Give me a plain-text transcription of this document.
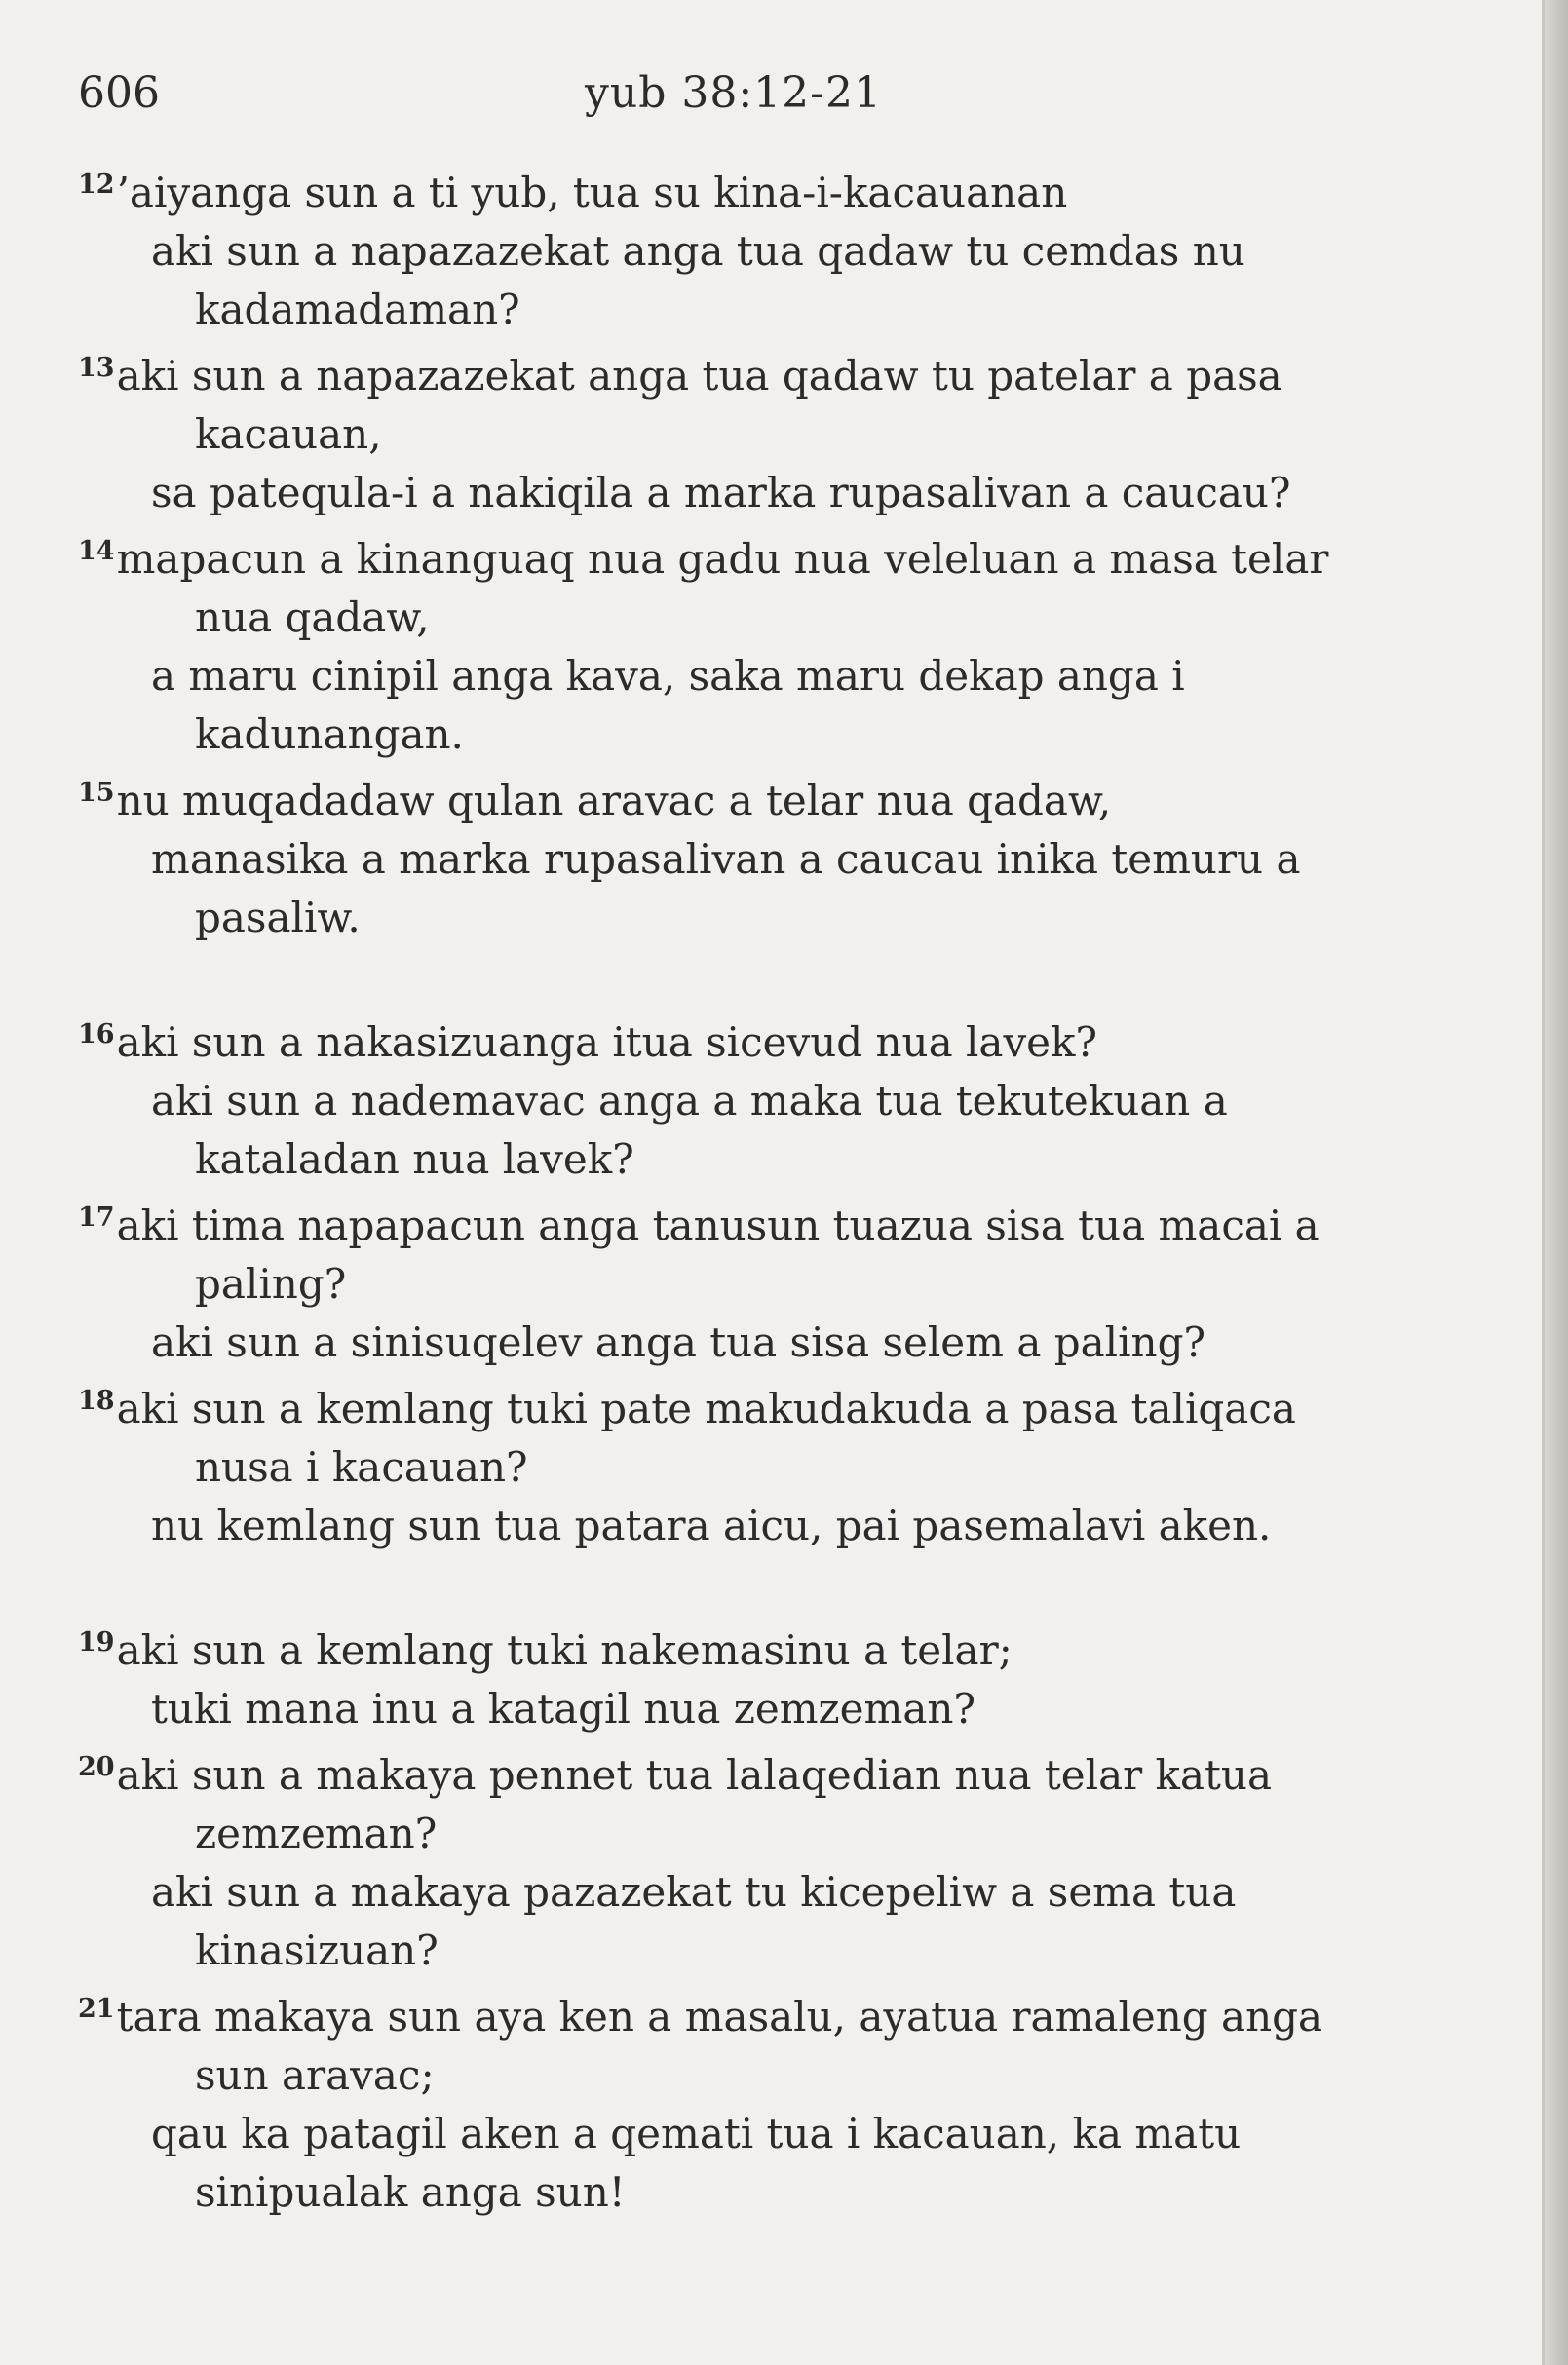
606	yub 38:12-21

$^{12}$’aiyanga sun a ti yub, tua su kina-i-kacauanan
aki sun a napazazekat anga tua qadaw tu cemdas nu
kadamadaman?

$^{13}$aki sun a napazazekat anga tua qadaw tu patelar a pasa
kacauan,
sa patequla-i a nakiqila a marka rupasalivan a caucau?

$^{14}$mapacun a kinanguaq nua gadu nua veleluan a masa telar
nua qadaw,
a maru cinipil anga kava, saka maru dekap anga i
kadunangan.

$^{15}$nu muqadadaw qulan aravac a telar nua qadaw,
manasika a marka rupasalivan a caucau inika temuru a
pasaliw.

$^{16}$aki sun a nakasizuanga itua sicevud nua lavek?
aki sun a nademavac anga a maka tua tekutekuan a
kataladan nua lavek?

$^{17}$aki tima napapacun anga tanusun tuazua sisa tua macai a
paling?
aki sun a sinisuqelev anga tua sisa selem a paling?

$^{18}$aki sun a kemlang tuki pate makudakuda a pasa taliqaca
nusa i kacauan?
nu kemlang sun tua patara aicu, pai pasemalavi aken.

$^{19}$aki sun a kemlang tuki nakemasinu a telar;
tuki mana inu a katagil nua zemzeman?

$^{20}$aki sun a makaya pennet tua lalaqedian nua telar katua
zemzeman?
aki sun a makaya pazazekat tu kicepeliw a sema tua
kinasizuan?

$^{21}$tara makaya sun aya ken a masalu, ayatua ramaleng anga
sun aravac;
qau ka patagil aken a qemati tua i kacauan, ka matu
sinipualak anga sun!
